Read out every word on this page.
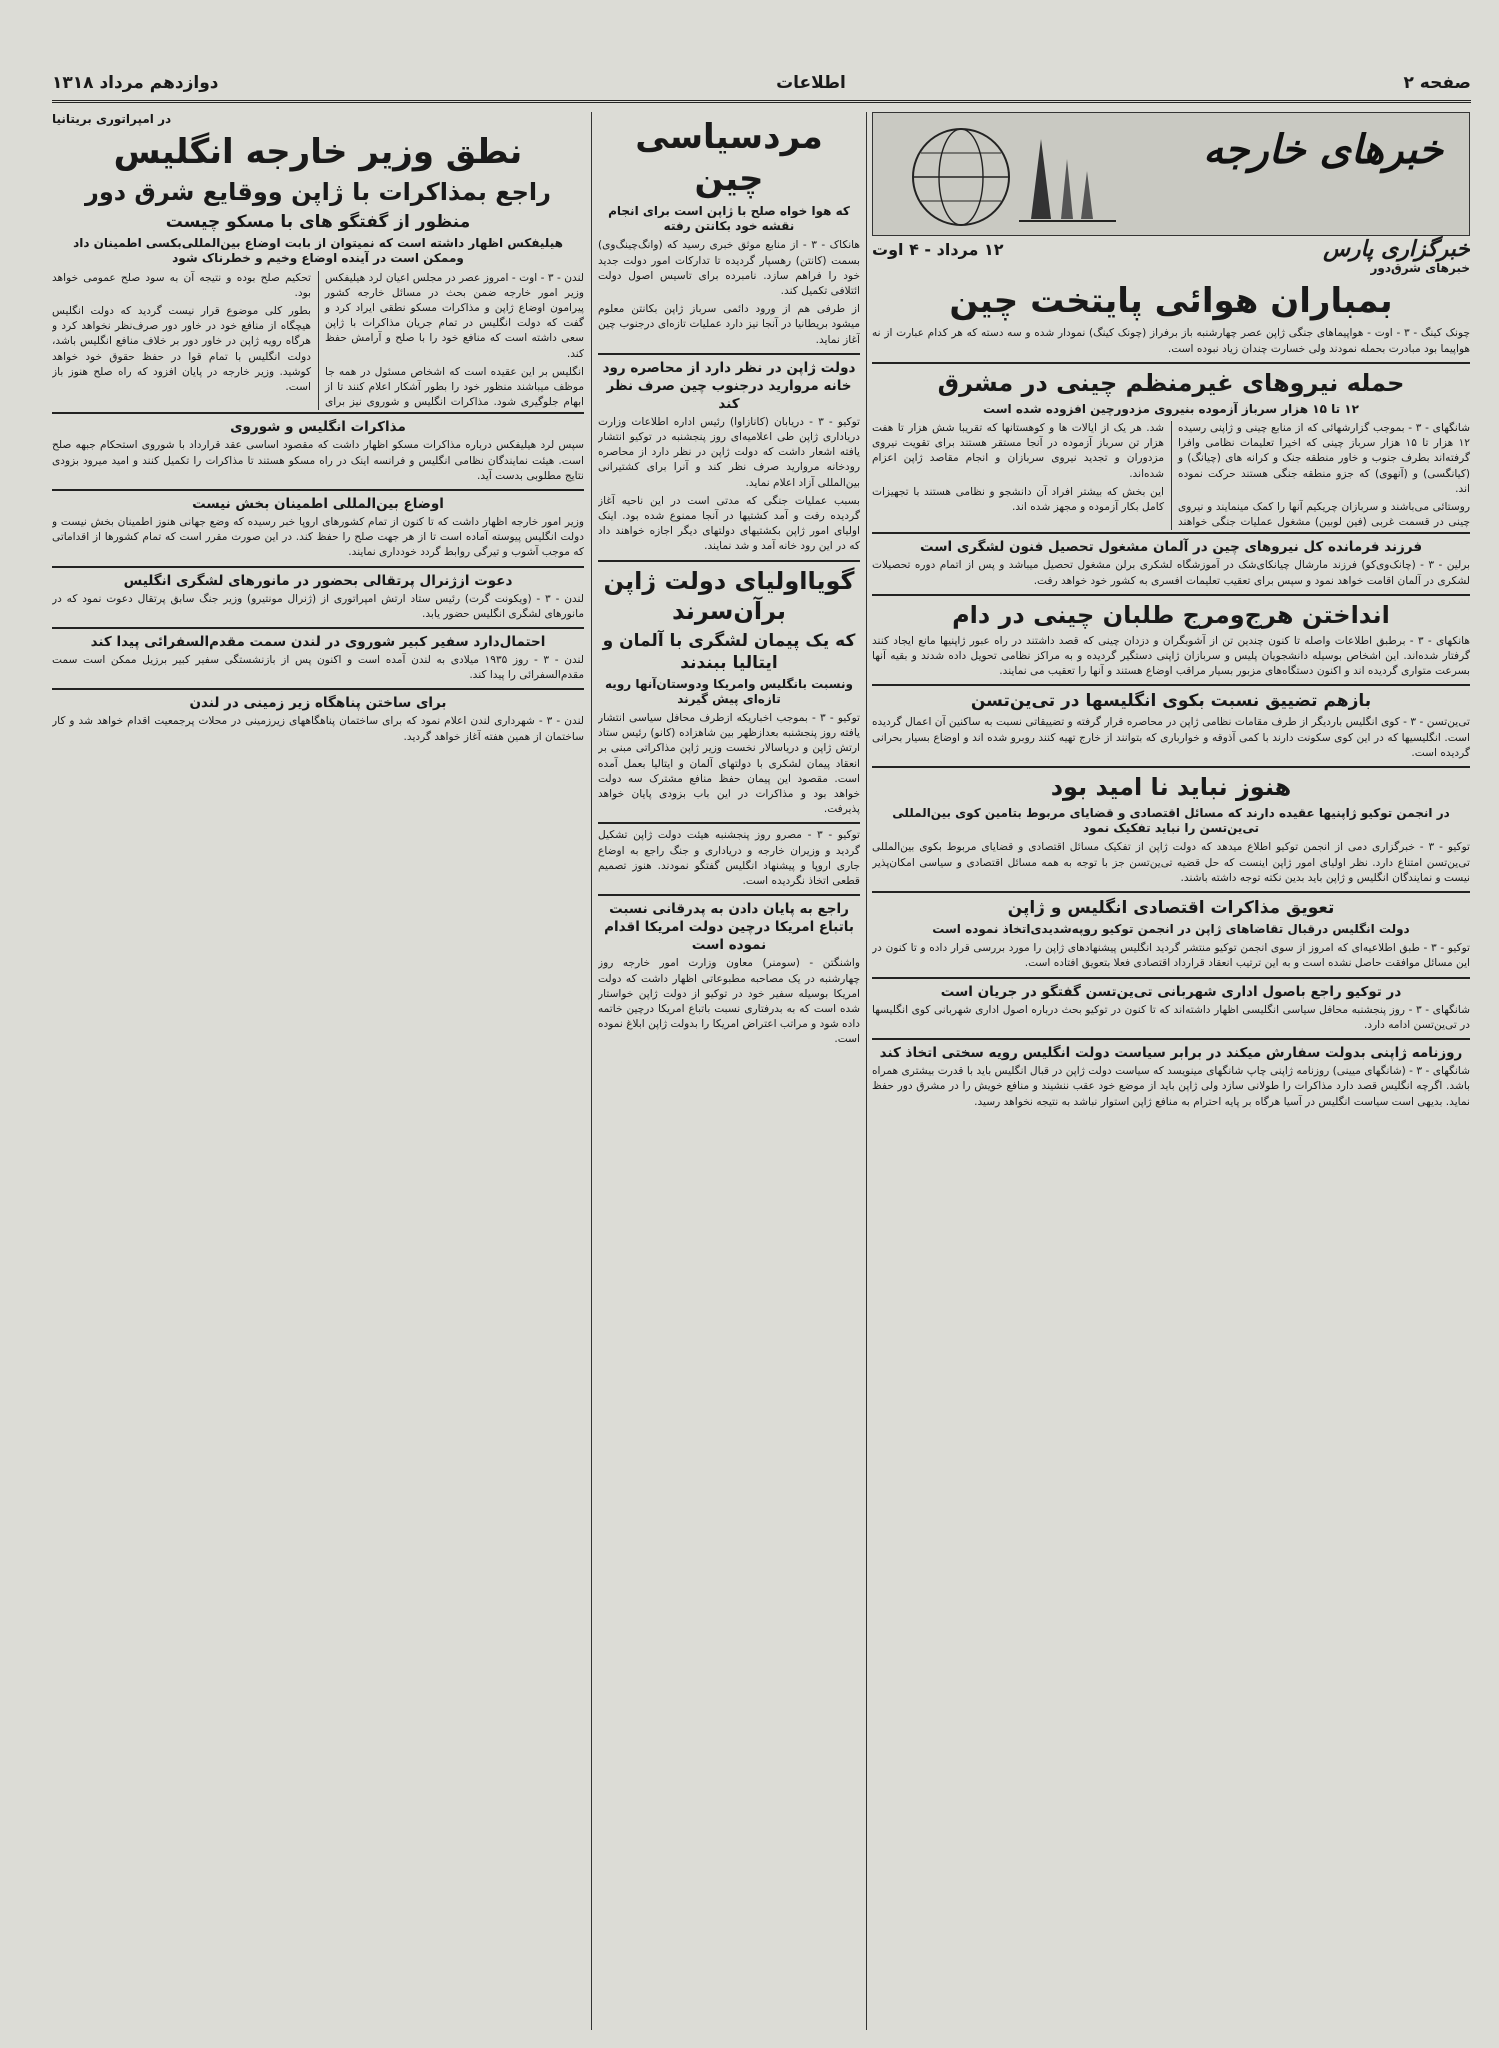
صفحه ۲
اطلاعات
دوازدهم مرداد ۱۳۱۸
خبرهای خارجه
خبرگزاری پارس
۱۲ مرداد - ۴ اوت
خبرهای شرق‌دور
بمباران هوائی پایتخت چین

چونک کینگ - ۳ - اوت - هواپیماهای جنگی ژاپن عصر چهارشنبه باز برفراز (چونک کینگ) نمودار شده و سه دسته که هر کدام عبارت از نه هواپیما بود مبادرت بحمله نمودند ولی خسارت چندان زیاد نبوده است.

حمله نیروهای غیرمنظم چینی در مشرق
۱۲ تا ۱۵ هزار سرباز آزموده بنیروی مزدورچین افزوده شده است

شانگهای - ۳ - بموجب گزارشهائی که از منابع چینی و ژاپنی رسیده ۱۲ هزار تا ۱۵ هزار سرباز چینی که اخیرا تعلیمات نظامی وافرا گرفته‌اند بطرف جنوب و خاور منطقه جنک و کرانه های (چیانگ) و (کیانگسی) و (آنهوی) که جزو منطقه جنگی هستند حرکت نموده اند.

روستائی می‌باشند و سربازان چریکیم آنها را کمک مینمایند و نیروی چینی در قسمت غربی (فین لوبین) مشغول عملیات جنگی خواهند شد. هر یک از ایالات ها و کوهستانها که تقریبا شش هزار تا هفت هزار تن سرباز آزموده در آنجا مستقر هستند برای تقویت نیروی مزدوران و تجدید نیروی سربازان و انجام مقاصد ژاپن اعزام شده‌اند.

این بخش که بیشتر افراد آن دانشجو و نظامی هستند با تجهیزات کامل بکار آزموده و مجهز شده اند.

فرزند فرمانده کل نیروهای چین در آلمان مشغول تحصیل فنون لشگری است

برلین - ۳ - (چانک‌وی‌کو) فرزند مارشال چیانکای‌شک در آموزشگاه لشکری برلن مشغول تحصیل میباشد و پس از اتمام دوره تحصیلات لشکری در آلمان اقامت خواهد نمود و سپس برای تعقیب تعلیمات افسری به کشور خود خواهد رفت.

انداختن هرج‌ومرج طلبان چینی در دام

هانکهای - ۳ - برطبق اطلاعات واصله تا کنون چندین تن از آشوبگران و دزدان چینی که قصد داشتند در راه عبور ژاپنیها مانع ایجاد کنند گرفتار شده‌اند. این اشخاص بوسیله دانشجویان پلیس و سربازان ژاپنی دستگیر گردیده و به مراکز نظامی تحویل داده شدند و بقیه آنها بسرعت متواری گردیده اند و اکنون دستگاه‌های مزبور بسیار مراقب اوضاع هستند و آنها را تعقیب می نمایند.

بازهم تضییق نسبت بکوی انگلیسها در تی‌ین‌تسن

تی‌ین‌تسن - ۳ - کوی انگلیس باردیگر از طرف مقامات نظامی ژاپن در محاصره قرار گرفته و تضییقاتی نسبت به ساکنین آن اعمال گردیده است. انگلیسیها که در این کوی سکونت دارند با کمی آذوقه و خوارباری که بتوانند از خارج تهیه کنند روبرو شده اند و اوضاع بسیار بحرانی گردیده است.

هنوز نباید نا امید بود
در انجمن توکیو ژاپنیها عقیده دارند که مسائل اقتصادی و قضایای مربوط بتامین کوی بین‌المللی تی‌ین‌تسن را نباید تفکیک نمود

توکیو - ۳ - خبرگزاری دمی از انجمن توکیو اطلاع میدهد که دولت ژاپن از تفکیک مسائل اقتصادی و قضایای مربوط بکوی بین‌المللی تی‌ین‌تسن امتناع دارد. نظر اولیای امور ژاپن اینست که حل قضیه تی‌ین‌تسن جز با توجه به همه مسائل اقتصادی و سیاسی امکان‌پذیر نیست و نمایندگان انگلیس و ژاپن باید بدین نکته توجه داشته باشند.

تعویق مذاکرات اقتصادی انگلیس و ژاپن
دولت انگلیس درقبال تقاضاهای ژاپن در انجمن توکیو روپه‌شدیدی‌اتخاذ نموده است

توکیو - ۳ - طبق اطلاعیه‌ای که امروز از سوی انجمن توکیو منتشر گردید انگلیس پیشنهادهای ژاپن را مورد بررسی قرار داده و تا کنون در این مسائل موافقت حاصل نشده است و به این ترتیب انعقاد قرارداد اقتصادی فعلا بتعویق افتاده است.

در توکیو راجع باصول اداری شهربانی تی‌ین‌تسن گفتگو در جریان است

شانگهای - ۳ - روز پنجشنبه محافل سیاسی انگلیسی اظهار داشته‌اند که تا کنون در توکیو بحث درباره اصول اداری شهربانی کوی انگلیسها در تی‌ین‌تسن ادامه دارد.

روزنامه ژاپنی بدولت سفارش میکند در برابر سیاست دولت انگلیس رویه سختی اتخاذ کند

شانگهای - ۳ - (شانگهای میینی) روزنامه ژاپنی چاپ شانگهای مینویسد که سیاست دولت ژاپن در قبال انگلیس باید با قدرت بیشتری همراه باشد. اگرچه انگلیس قصد دارد مذاکرات را طولانی سازد ولی ژاپن باید از موضع خود عقب ننشیند و منافع خویش را در مشرق دور حفظ نماید. بدیهی است سیاست انگلیس در آسیا هرگاه بر پایه احترام به منافع ژاپن استوار نباشد به نتیجه نخواهد رسید.

مردسیاسی چین
که هوا خواه صلح با ژاپن است برای انجام نقشه خود بکانتن رفته

هانکاک - ۳ - از منابع موثق خبری رسید که (وانگ‌چینگ‌وی) بسمت (کانتن) رهسپار گردیده تا تدارکات امور دولت جدید خود را فراهم سازد. نامبرده برای تاسیس اصول دولت ائتلافی تکمیل کند.

از طرفی هم از ورود دائمی سرباز ژاپن بکانتن معلوم میشود بریطانیا در آنجا نیز دارد عملیات تازه‌ای درجنوب چین آغاز نماید.

دولت ژاپن در نظر دارد از محاصره رود خانه مروارید درجنوب چین صرف نظر کند

توکیو - ۳ - دریابان (کانازاوا) رئیس اداره اطلاعات وزارت دریاداری ژاپن طی اعلامیه‌ای روز پنجشنبه در توکیو انتشار یافته اشعار داشت که دولت ژاپن در نظر دارد از محاصره رودخانه مروارید صرف نظر کند و آنرا برای کشتیرانی بین‌المللی آزاد اعلام نماید.

بسبب عملیات جنگی که مدتی است در این ناحیه آغاز گردیده رفت و آمد کشتیها در آنجا ممنوع شده بود. اینک اولیای امور ژاپن بکشتیهای دولتهای دیگر اجازه خواهند داد که در این رود خانه آمد و شد نمایند.

گویااولیای دولت ژاپن برآن‌سرند
که یک پیمان لشگری با آلمان و ایتالیا ببندند
ونسبت بانگلیس وامریکا ودوستان‌آنها رویه تازه‌ای پیش گیرند

توکیو - ۳ - بموجب اخباریکه ازطرف محافل سیاسی انتشار یافته روز پنجشنبه بعدازظهر بین شاهزاده (کانو) رئیس ستاد ارتش ژاپن و دریاسالار نخست وزیر ژاپن مذاکراتی مبنی بر انعقاد پیمان لشکری با دولتهای آلمان و ایتالیا بعمل آمده است. مقصود این پیمان حفظ منافع مشترک سه دولت خواهد بود و مذاکرات در این باب بزودی پایان خواهد پذیرفت.

توکیو - ۳ - مصرو روز پنجشنبه هیئت دولت ژاپن تشکیل گردید و وزیران خارجه و دریاداری و جنگ راجع به اوضاع جاری اروپا و پیشنهاد انگلیس گفتگو نمودند. هنوز تصمیم قطعی اتخاذ نگردیده است.

راجع به پایان دادن به پدرقانی نسبت باتباع امریکا درچین دولت امریکا اقدام نموده است

واشنگتن - (سومنر) معاون وزارت امور خارجه روز چهارشنبه در یک مصاحبه مطبوعاتی اظهار داشت که دولت امریکا بوسیله سفیر خود در توکیو از دولت ژاپن خواستار شده است که به بدرفتاری نسبت باتباع امریکا درچین خاتمه داده شود و مراتب اعتراض امریکا را بدولت ژاپن ابلاغ نموده است.

در امپراتوری بریتانیا
نطق وزیر خارجه انگلیس
راجع بمذاکرات با ژاپن ووقایع شرق دور
منظور از گفتگو های با مسکو چیست
هیلیفکس اظهار داشته است که نمیتوان از بابت اوضاع بین‌المللی‌بکسی اطمینان داد وممکن است در آینده اوضاع وخیم و خطرناک شود

لندن - ۳ - اوت - امروز عصر در مجلس اعیان لرد هیلیفکس وزیر امور خارجه ضمن بحث در مسائل خارجه کشور پیرامون اوضاع ژاپن و مذاکرات مسکو نطقی ایراد کرد و گفت که دولت انگلیس در تمام جریان مذاکرات با ژاپن سعی داشته است که منافع خود را با صلح و آرامش حفظ کند.

انگلیس بر این عقیده است که اشخاص مسئول در همه جا موظف میباشند منظور خود را بطور آشکار اعلام کنند تا از ابهام جلوگیری شود. مذاکرات انگلیس و شوروی نیز برای تحکیم صلح بوده و نتیجه آن به سود صلح عمومی خواهد بود.

بطور کلی موضوع قرار نیست گردید که دولت انگلیس هیچگاه از منافع خود در خاور دور صرف‌نظر نخواهد کرد و هرگاه رویه ژاپن در خاور دور بر خلاف منافع انگلیس باشد، دولت انگلیس با تمام قوا در حفظ حقوق خود خواهد کوشید. وزیر خارجه در پایان افزود که راه صلح هنوز باز است.

مذاکرات انگلیس و شوروی

سپس لرد هیلیفکس درباره مذاکرات مسکو اظهار داشت که مقصود اساسی عقد قرارداد با شوروی استحکام جبهه صلح است. هیئت نمایندگان نظامی انگلیس و فرانسه اینک در راه مسکو هستند تا مذاکرات را تکمیل کنند و امید میرود بزودی نتایج مطلوبی بدست آید.

اوضاع بین‌المللی اطمینان بخش نیست

وزیر امور خارجه اظهار داشت که تا کنون از تمام کشورهای اروپا خبر رسیده که وضع جهانی هنوز اطمینان بخش نیست و دولت انگلیس پیوسته آماده است تا از هر جهت صلح را حفظ کند. در این صورت مقرر است که تمام کشورها از اقداماتی که موجب آشوب و تیرگی روابط گردد خودداری نمایند.

دعوت ازژنرال پرتقالی بحضور در مانورهای لشگری انگلیس

لندن - ۳ - (ویکونت گرت) رئیس ستاد ارتش امپراتوری از (ژنرال مونتیرو) وزیر جنگ سابق پرتقال دعوت نمود که در مانورهای لشگری انگلیس حضور یابد.

احتمال‌دارد سفیر کبیر شوروی در لندن سمت مقدم‌السفرائی پیدا کند

لندن - ۳ - روز ۱۹۳۵ میلادی به لندن آمده است و اکنون پس از بازنشستگی سفیر کبیر برزیل ممکن است سمت مقدم‌السفرائی را پیدا کند.

برای ساختن پناهگاه زیر زمینی در لندن

لندن - ۳ - شهرداری لندن اعلام نمود که برای ساختمان پناهگاههای زیرزمینی در محلات پرجمعیت اقدام خواهد شد و کار ساختمان از همین هفته آغاز خواهد گردید.
